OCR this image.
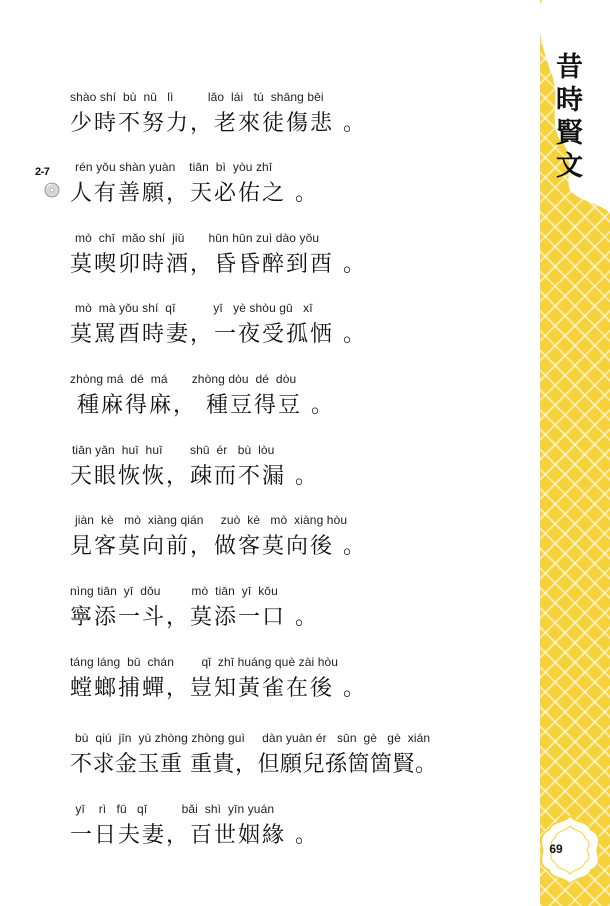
昔時賢文
69
2-7
shào shí  bù  nǔ   lì          lǎo  lái   tú  shāng bēi
少時不努力，老來徒傷悲 。
rén yǒu shàn yuàn    tiān  bì  yòu zhī
人有善願，天必佑之 。
mò  chī  mǎo shí  jiǔ       hūn hūn zuì dào yǒu
莫喫卯時酒，昏昏醉到酉 。
mò  mà yǒu shí  qī           yī   yè shòu gū   xī
莫罵酉時妻，一夜受孤恓 。
zhòng má  dé  má       zhòng dòu  dé  dòu
種麻得麻， 種豆得豆 。
tiān yǎn  huī  huī        shū  ér   bù  lòu
天眼恢恢，疎而不漏 。
jiàn  kè   mò  xiàng qián     zuò  kè   mò  xiàng hòu
見客莫向前，做客莫向後 。
nìng tiān  yī  dǒu         mò  tiān  yī  kǒu
寧添一斗，莫添一口 。
táng láng  bǔ  chán        qǐ  zhī huáng què zài hòu
螳螂捕蟬，豈知黃雀在後 。
bù  qiú  jīn  yù zhòng zhòng guì     dàn yuàn ér   sūn  gè   gè  xián
不求金玉重 重貴，但願兒孫箇箇賢。
yī    rì   fū   qī          bǎi  shì  yīn yuán
一日夫妻，百世姻緣 。
